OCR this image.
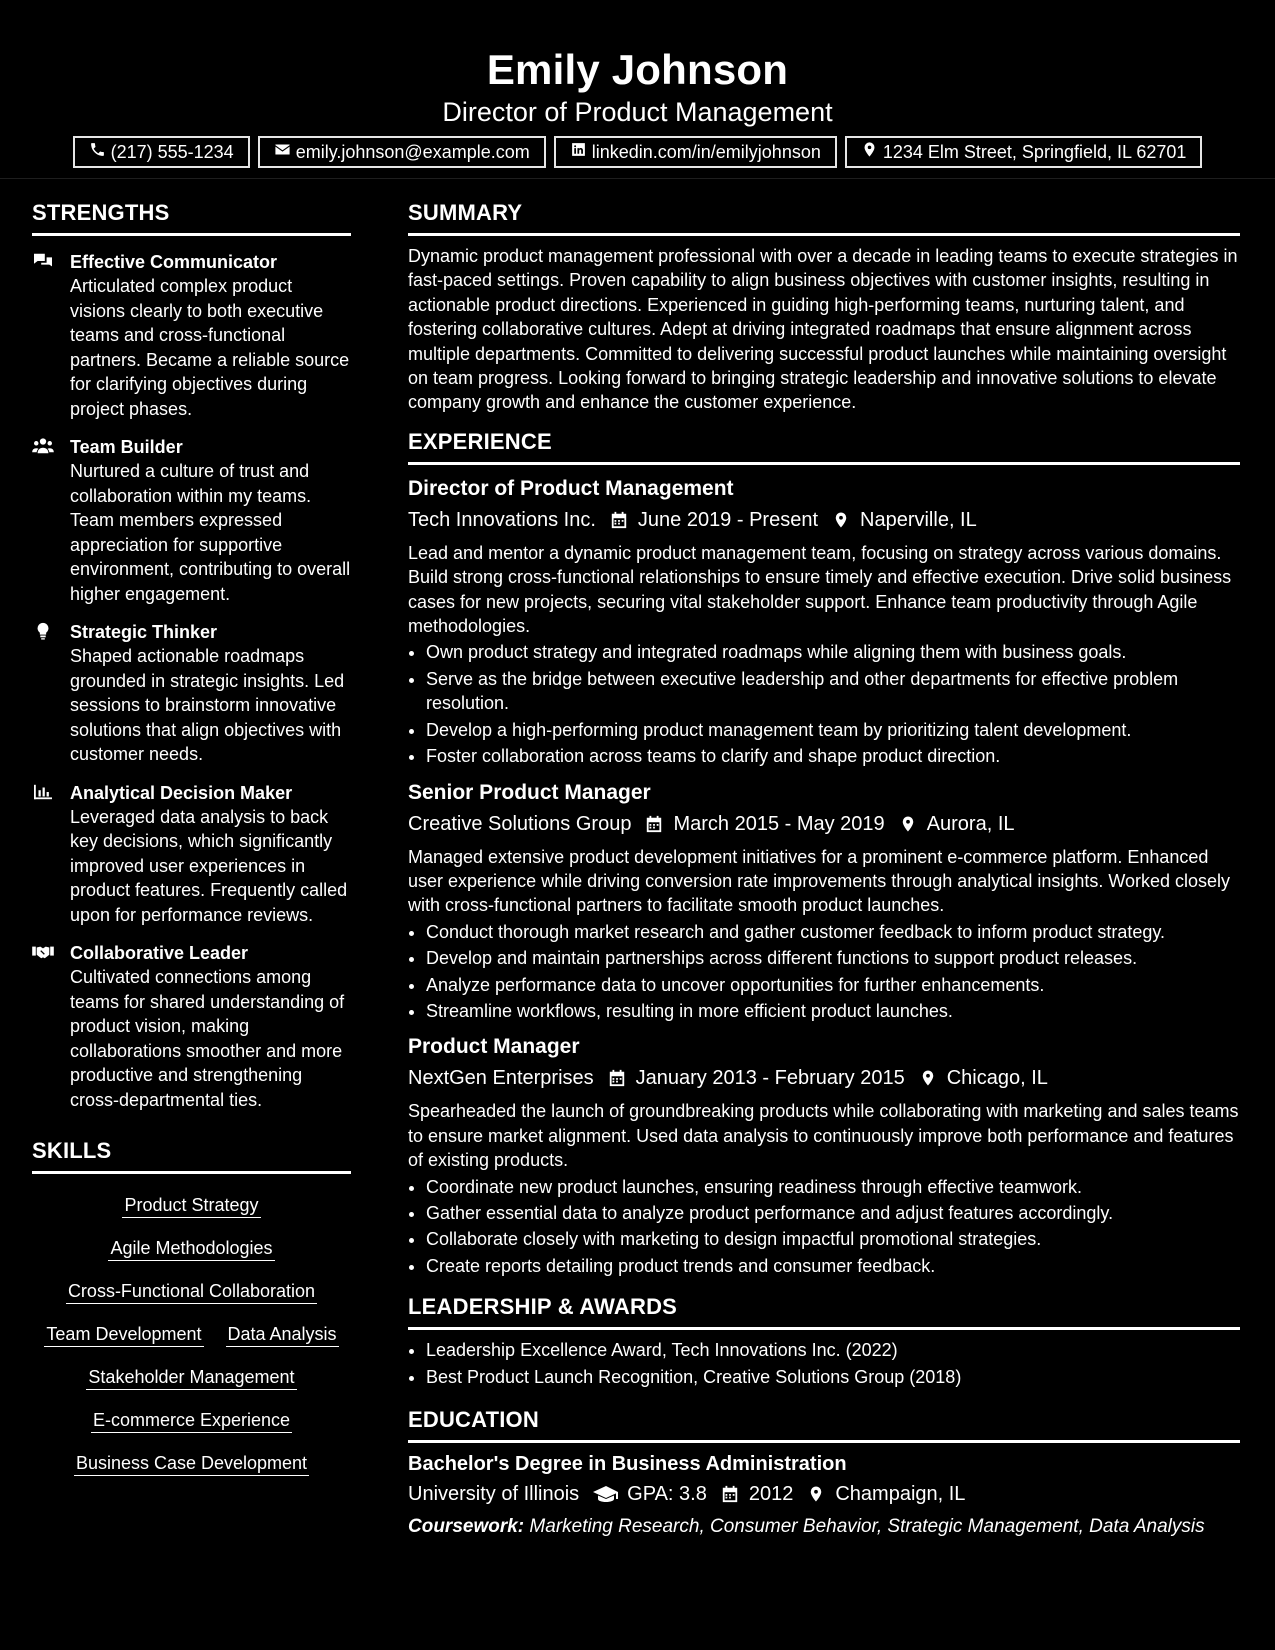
Emily Johnson
Director of Product Management
(217) 555-1234	emily.johnson@example.com	linkedin.com/in/emilyjohnson	1234 Elm Street, Springfield, IL 62701
STRENGTHS
Effective Communicator
Articulated complex product visions clearly to both executive teams and cross-functional partners. Became a reliable source for clarifying objectives during project phases.
Team Builder
Nurtured a culture of trust and collaboration within my teams. Team members expressed appreciation for supportive environment, contributing to overall higher engagement.
Strategic Thinker
Shaped actionable roadmaps grounded in strategic insights. Led sessions to brainstorm innovative solutions that align objectives with customer needs.
Analytical Decision Maker
Leveraged data analysis to back key decisions, which significantly improved user experiences in product features. Frequently called upon for performance reviews.
Collaborative Leader
Cultivated connections among teams for shared understanding of product vision, making collaborations smoother and more productive and strengthening cross-departmental ties.
SKILLS
Product Strategy
Agile Methodologies
Cross-Functional Collaboration
Team Development Data Analysis
Stakeholder Management
E-commerce Experience
Business Case Development
SUMMARY
Dynamic product management professional with over a decade in leading teams to execute strategies in fast-paced settings. Proven capability to align business objectives with customer insights, resulting in actionable product directions. Experienced in guiding high-performing teams, nurturing talent, and fostering collaborative cultures. Adept at driving integrated roadmaps that ensure alignment across multiple departments. Committed to delivering successful product launches while maintaining oversight on team progress. Looking forward to bringing strategic leadership and innovative solutions to elevate company growth and enhance the customer experience.
EXPERIENCE
Director of Product Management
Tech Innovations Inc. June 2019 - Present Naperville, IL
Lead and mentor a dynamic product management team, focusing on strategy across various domains. Build strong cross-functional relationships to ensure timely and effective execution. Drive solid business cases for new projects, securing vital stakeholder support. Enhance team productivity through Agile methodologies.
• Own product strategy and integrated roadmaps while aligning them with business goals.
• Serve as the bridge between executive leadership and other departments for effective problem resolution.
• Develop a high-performing product management team by prioritizing talent development.
• Foster collaboration across teams to clarify and shape product direction.
Senior Product Manager
Creative Solutions Group March 2015 - May 2019 Aurora, IL
Managed extensive product development initiatives for a prominent e-commerce platform. Enhanced user experience while driving conversion rate improvements through analytical insights. Worked closely with cross-functional partners to facilitate smooth product launches.
• Conduct thorough market research and gather customer feedback to inform product strategy.
• Develop and maintain partnerships across different functions to support product releases.
• Analyze performance data to uncover opportunities for further enhancements.
• Streamline workflows, resulting in more efficient product launches.
Product Manager
NextGen Enterprises January 2013 - February 2015 Chicago, IL
Spearheaded the launch of groundbreaking products while collaborating with marketing and sales teams to ensure market alignment. Used data analysis to continuously improve both performance and features of existing products.
• Coordinate new product launches, ensuring readiness through effective teamwork.
• Gather essential data to analyze product performance and adjust features accordingly.
• Collaborate closely with marketing to design impactful promotional strategies.
• Create reports detailing product trends and consumer feedback.
LEADERSHIP & AWARDS
• Leadership Excellence Award, Tech Innovations Inc. (2022)
• Best Product Launch Recognition, Creative Solutions Group (2018)
EDUCATION
Bachelor's Degree in Business Administration
University of Illinois GPA: 3.8 2012 Champaign, IL
Coursework: Marketing Research, Consumer Behavior, Strategic Management, Data Analysis
